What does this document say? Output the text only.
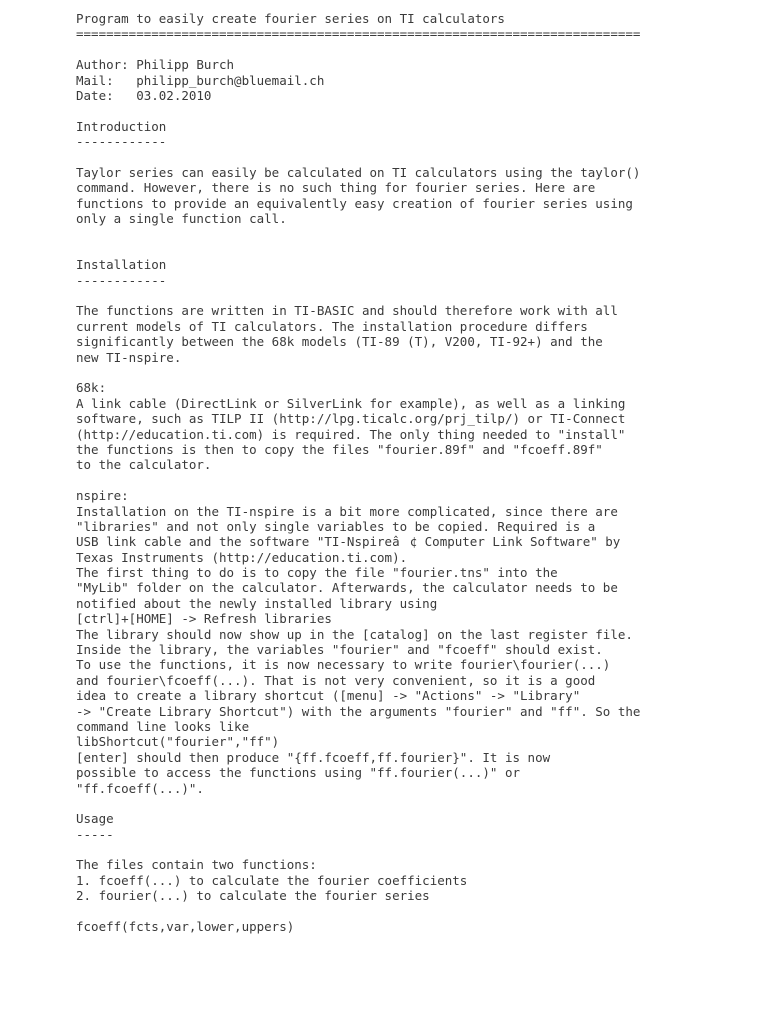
Program to easily create fourier series on TI calculators
===========================================================================
Author: Philipp Burch
Mail:   philipp_burch@bluemail.ch
Date:   03.02.2010
Introduction
------------
Taylor series can easily be calculated on TI calculators using the taylor()
command. However, there is no such thing for fourier series. Here are
functions to provide an equivalently easy creation of fourier series using
only a single function call.
Installation
------------
The functions are written in TI-BASIC and should therefore work with all
current models of TI calculators. The installation procedure differs
significantly between the 68k models (TI-89 (T), V200, TI-92+) and the
new TI-nspire.
68k:
A link cable (DirectLink or SilverLink for example), as well as a linking
software, such as TILP II (http://lpg.ticalc.org/prj_tilp/) or TI-Connect
(http://education.ti.com) is required. The only thing needed to "install"
the functions is then to copy the files "fourier.89f" and "fcoeff.89f"
to the calculator.
nspire:
Installation on the TI-nspire is a bit more complicated, since there are
"libraries" and not only single variables to be copied. Required is a
USB link cable and the software "TI-Nspireâ¢ Computer Link Software" by
Texas Instruments (http://education.ti.com).
The first thing to do is to copy the file "fourier.tns" into the
"MyLib" folder on the calculator. Afterwards, the calculator needs to be
notified about the newly installed library using
[ctrl]+[HOME] -> Refresh libraries
The library should now show up in the [catalog] on the last register file.
Inside the library, the variables "fourier" and "fcoeff" should exist.
To use the functions, it is now necessary to write fourier\fourier(...)
and fourier\fcoeff(...). That is not very convenient, so it is a good
idea to create a library shortcut ([menu] -> "Actions" -> "Library"
-> "Create Library Shortcut") with the arguments "fourier" and "ff". So the
command line looks like
libShortcut("fourier","ff")
[enter] should then produce "{ff.fcoeff,ff.fourier}". It is now
possible to access the functions using "ff.fourier(...)" or
"ff.fcoeff(...)".
Usage
-----
The files contain two functions:
1. fcoeff(...) to calculate the fourier coefficients
2. fourier(...) to calculate the fourier series
fcoeff(fcts,var,lower,uppers)
